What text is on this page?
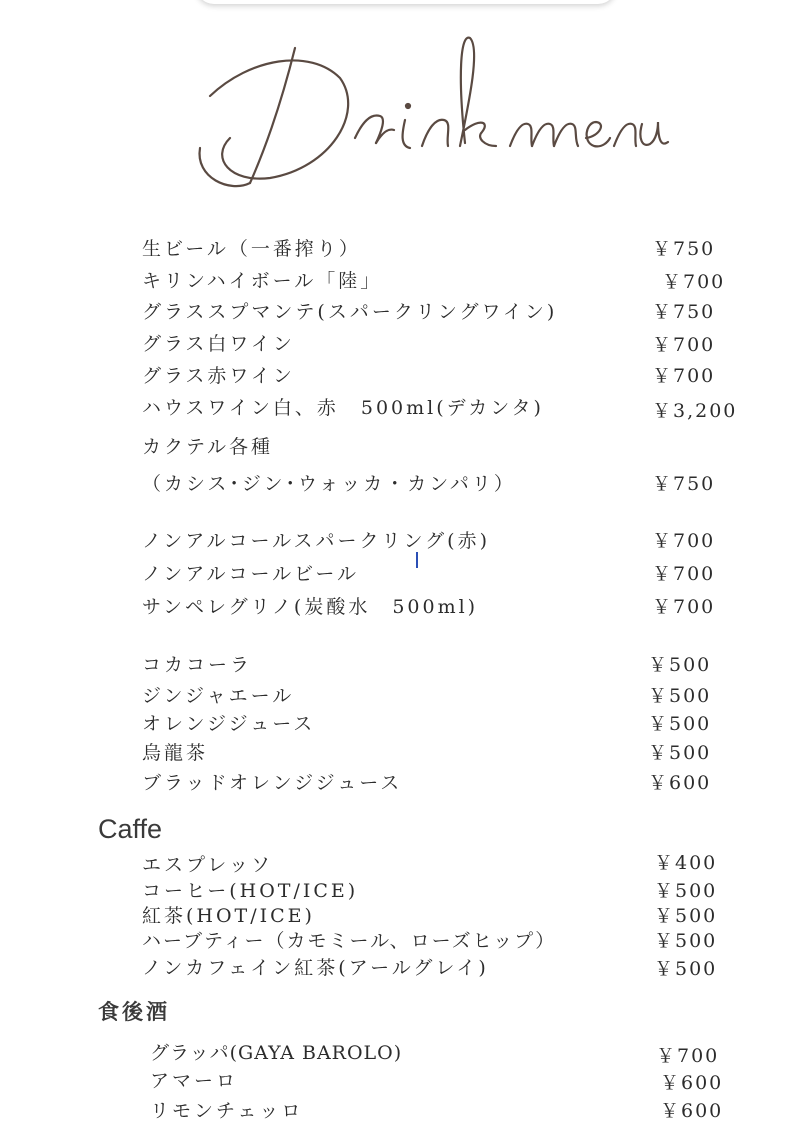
生ビール（一番搾り）	￥750
キリンハイボール「陸」	￥700
グラススプマンテ(スパークリングワイン)	￥750
グラス白ワイン	￥700
グラス赤ワイン	￥700
ハウスワイン白、赤　500ml(デカンタ)	￥3,200
カクテル各種
（カシス･ジン･ウォッカ・カンパリ）	￥750
ノンアルコールスパークリング(赤)	￥700
ノンアルコールビール	￥700
サンペレグリノ(炭酸水　500ml)	￥700
コカコーラ	￥500
ジンジャエール	￥500
オレンジジュース	￥500
烏龍茶	￥500
ブラッドオレンジジュース	￥600
Caffe
エスプレッソ	￥400
コーヒー(HOT/ICE)	￥500
紅茶(HOT/ICE)	￥500
ハーブティー（カモミール、ローズヒップ）	￥500
ノンカフェイン紅茶(アールグレイ)	￥500
食後酒
グラッパ(GAYA BAROLO)	￥700
アマーロ	￥600
リモンチェッロ	￥600
